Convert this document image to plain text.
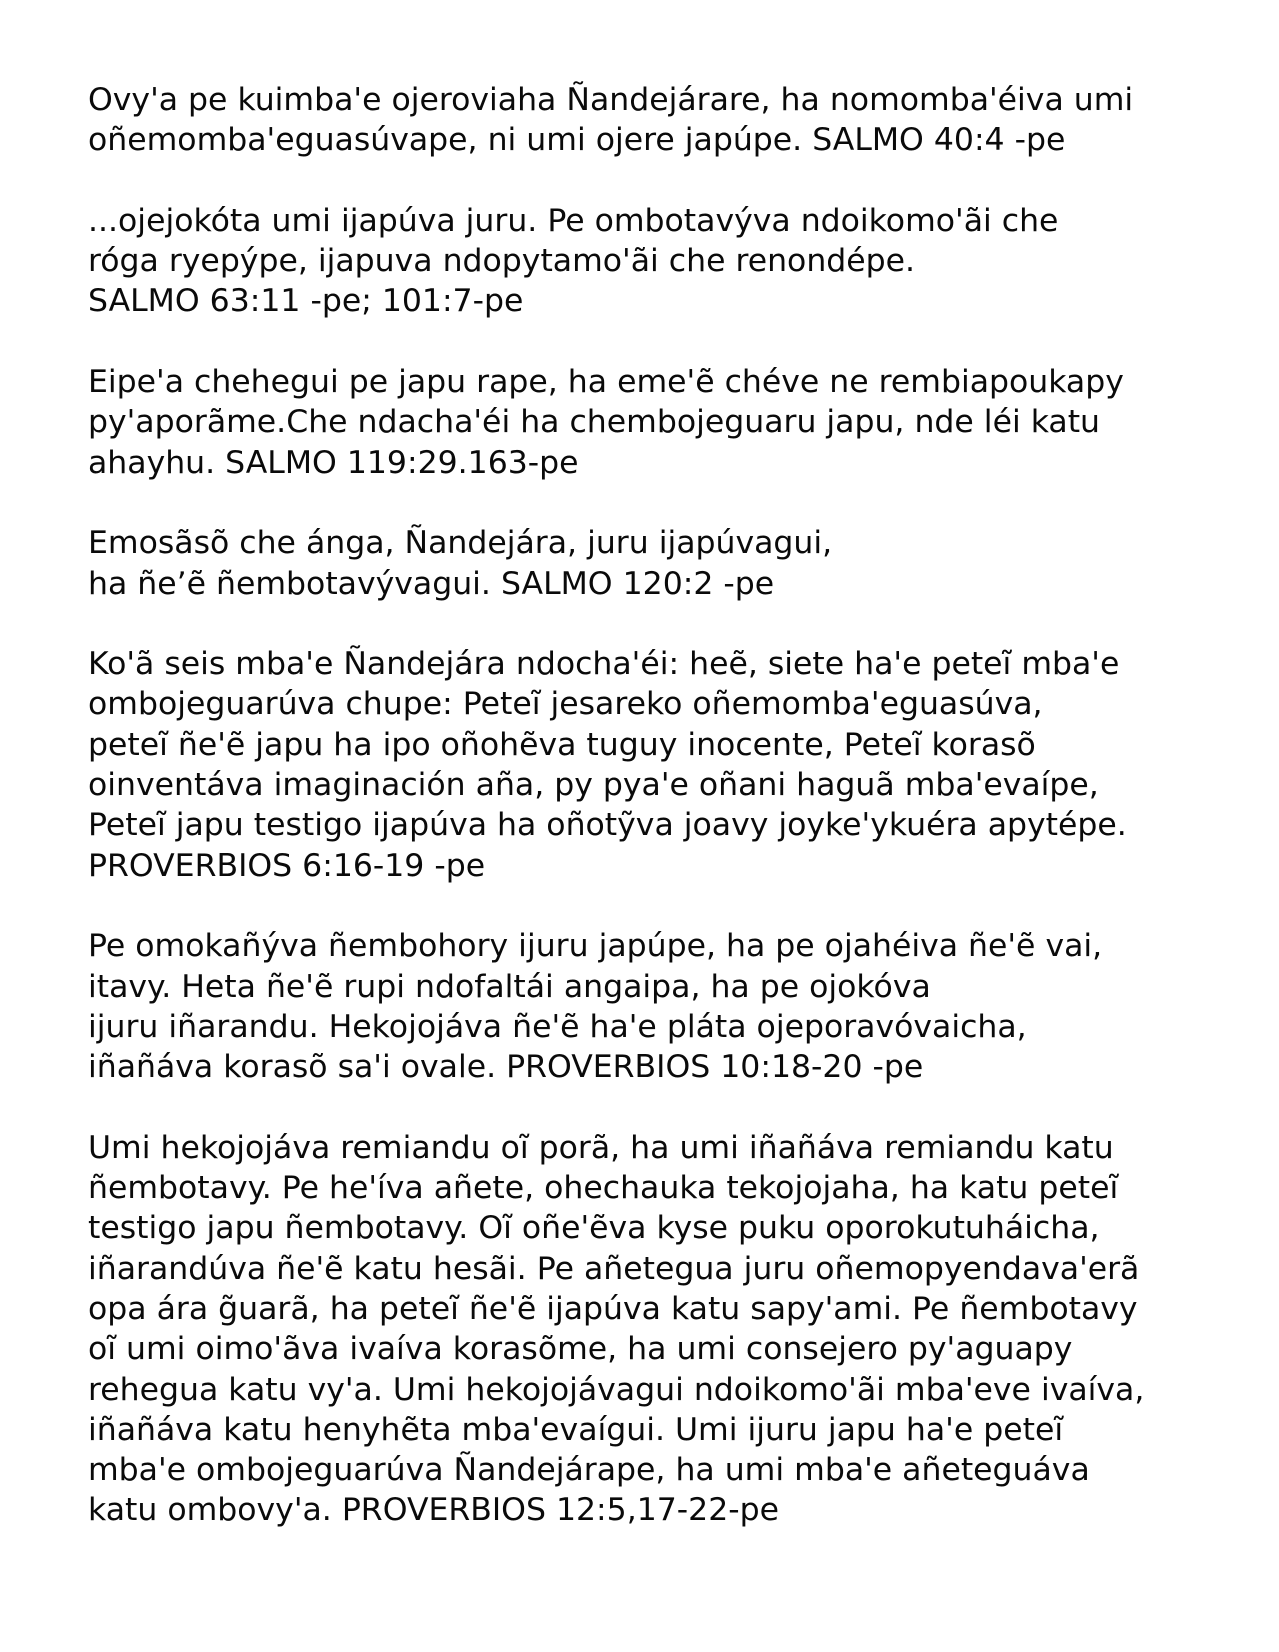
Ovy'a pe kuimba'e ojeroviaha Ñandejárare, ha nomomba'éiva umi
oñemomba'eguasúvape, ni umi ojere japúpe. SALMO 40:4 -pe

...ojejokóta umi ijapúva juru. Pe ombotavýva ndoikomo'ãi che
róga ryepýpe, ijapuva ndopytamo'ãi che renondépe.
SALMO 63:11 -pe; 101:7-pe

Eipe'a chehegui pe japu rape, ha eme'ẽ chéve ne rembiapoukapy
py'aporãme.Che ndacha'éi ha chembojeguaru japu, nde léi katu
ahayhu. SALMO 119:29.163-pe

Emosãsõ che ánga, Ñandejára, juru ijapúvagui,
ha ñe’ẽ ñembotavývagui. SALMO 120:2 -pe

Ko'ã seis mba'e Ñandejára ndocha'éi: heẽ, siete ha'e peteĩ mba'e
ombojeguarúva chupe: Peteĩ jesareko oñemomba'eguasúva,
peteĩ ñe'ẽ japu ha ipo oñohẽva tuguy inocente, Peteĩ korasõ
oinventáva imaginación aña, py pya'e oñani haguã mba'evaípe,
Peteĩ japu testigo ijapúva ha oñotỹva joavy joyke'ykuéra apytépe.
PROVERBIOS 6:16-19 -pe

Pe omokañýva ñembohory ijuru japúpe, ha pe ojahéiva ñe'ẽ vai,
itavy. Heta ñe'ẽ rupi ndofaltái angaipa, ha pe ojokóva
ijuru iñarandu. Hekojojáva ñe'ẽ ha'e pláta ojeporavóvaicha,
iñañáva korasõ sa'i ovale. PROVERBIOS 10:18-20 -pe

Umi hekojojáva remiandu oĩ porã, ha umi iñañáva remiandu katu
ñembotavy. Pe he'íva añete, ohechauka tekojojaha, ha katu peteĩ
testigo japu ñembotavy. Oĩ oñe'ẽva kyse puku oporokutuháicha,
iñarandúva ñe'ẽ katu hesãi. Pe añetegua juru oñemopyendava'erã
opa ára g̃uarã, ha peteĩ ñe'ẽ ijapúva katu sapy'ami. Pe ñembotavy
oĩ umi oimo'ãva ivaíva korasõme, ha umi consejero py'aguapy
rehegua katu vy'a. Umi hekojojávagui ndoikomo'ãi mba'eve ivaíva,
iñañáva katu henyhẽta mba'evaígui. Umi ijuru japu ha'e peteĩ
mba'e ombojeguarúva Ñandejárape, ha umi mba'e añeteguáva
katu ombovy'a. PROVERBIOS 12:5,17-22-pe
